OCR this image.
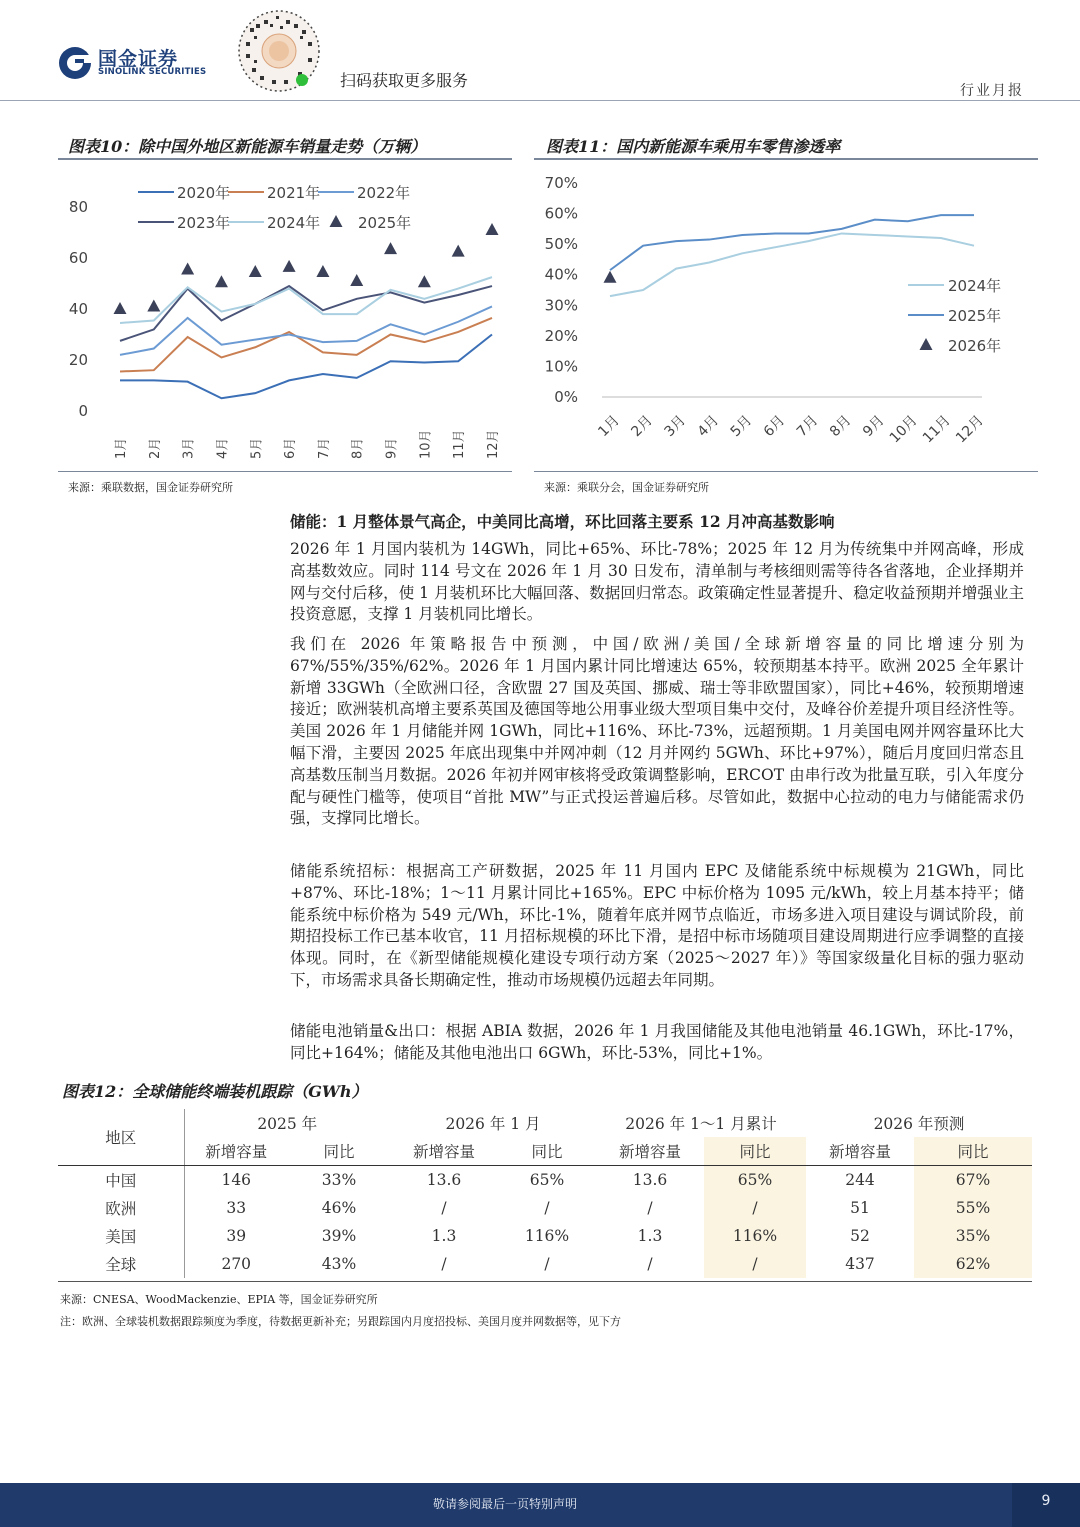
国金证券
SINOLINK SECURITIES	扫码获取更多服务
行业月报
图表10：除中国外地区新能源车销量走势（万辆）
0
20
40
60
80
1月 2月 3月 4月 5月 6月 7月 8月 9月 10月 11月 12月
2020年 2021年 2022年
2023年 2024年	2025年
来源：乘联数据，国金证券研究所
图表11：国内新能源车乘用车零售渗透率
0%
10%
20%
30%
40%
50%
60%
70%
1月 2月 3月 4月 5月 6月 7月 8月 9月 10月 11月 12月
2024年
2025年
2026年
来源：乘联分会，国金证券研究所
储能：1 月整体景气高企，中美同比高增，环比回落主要系 12 月冲高基数影响

2026 年 1 月国内装机为 14GWh，同比+65%、环比-78%；2025 年 12 月为传统集中并网高峰，形成高基数效应。同时 114 号文在 2026 年 1 月 30 日发布，清单制与考核细则需等待各省落地，企业择期并网与交付后移，使 1 月装机环比大幅回落、数据回归常态。政策确定性显著提升、稳定收益预期并增强业主投资意愿，支撑 1 月装机同比增长。

我们在 2026 年策略报告中预测，中国/欧洲/美国/全球新增容量的同比增速分别为 67%/55%/35%/62%。2026 年 1 月国内累计同比增速达 65%，较预期基本持平。欧洲 2025 全年累计新增 33GWh（全欧洲口径，含欧盟 27 国及英国、挪威、瑞士等非欧盟国家），同比+46%，较预期增速接近；欧洲装机高增主要系英国及德国等地公用事业级大型项目集中交付，及峰谷价差提升项目经济性等。美国 2026 年 1 月储能并网 1GWh，同比+116%、环比-73%，远超预期。1 月美国电网并网容量环比大幅下滑，主要因 2025 年底出现集中并网冲刺（12 月并网约 5GWh、环比+97%），随后月度回归常态且高基数压制当月数据。2026 年初并网审核将受政策调整影响，ERCOT 由串行改为批量互联，引入年度分配与硬性门槛等，使项目“首批 MW”与正式投运普遍后移。尽管如此，数据中心拉动的电力与储能需求仍强，支撑同比增长。

储能系统招标：根据高工产研数据，2025 年 11 月国内 EPC 及储能系统中标规模为 21GWh，同比+87%、环比-18%；1～11 月累计同比+165%。EPC 中标价格为 1095 元/kWh，较上月基本持平；储能系统中标价格为 549 元/Wh，环比-1%，随着年底并网节点临近，市场多进入项目建设与调试阶段，前期招投标工作已基本收官，11 月招标规模的环比下滑，是招中标市场随项目建设周期进行应季调整的直接体现。同时，在《新型储能规模化建设专项行动方案（2025～2027 年）》等国家级量化目标的强力驱动下，市场需求具备长期确定性，推动市场规模仍远超去年同期。

储能电池销量&出口：根据 ABIA 数据，2026 年 1 月我国储能及其他电池销量 46.1GWh，环比-17%，同比+164%；储能及其他电池出口 6GWh，环比-53%，同比+1%。

图表12：全球储能终端装机跟踪（GWh）
地区	2025 年		2026 年 1 月		2026 年 1～1 月累计		2026 年预测	
	新增容量	同比	新增容量	同比	新增容量	同比	新增容量	同比
中国	146	33%	13.6	65%	13.6	65%	244	67%
欧洲	33	46%	/	/	/	/	51	55%
美国	39	39%	1.3	116%	1.3	116%	52	35%
全球	270	43%	/	/	/	/	437	62%
来源：CNESA、WoodMackenzie、EPIA 等，国金证券研究所
注：欧洲、全球装机数据跟踪频度为季度，待数据更新补充；另跟踪国内月度招投标、美国月度并网数据等，见下方
敬请参阅最后一页特别声明	9
